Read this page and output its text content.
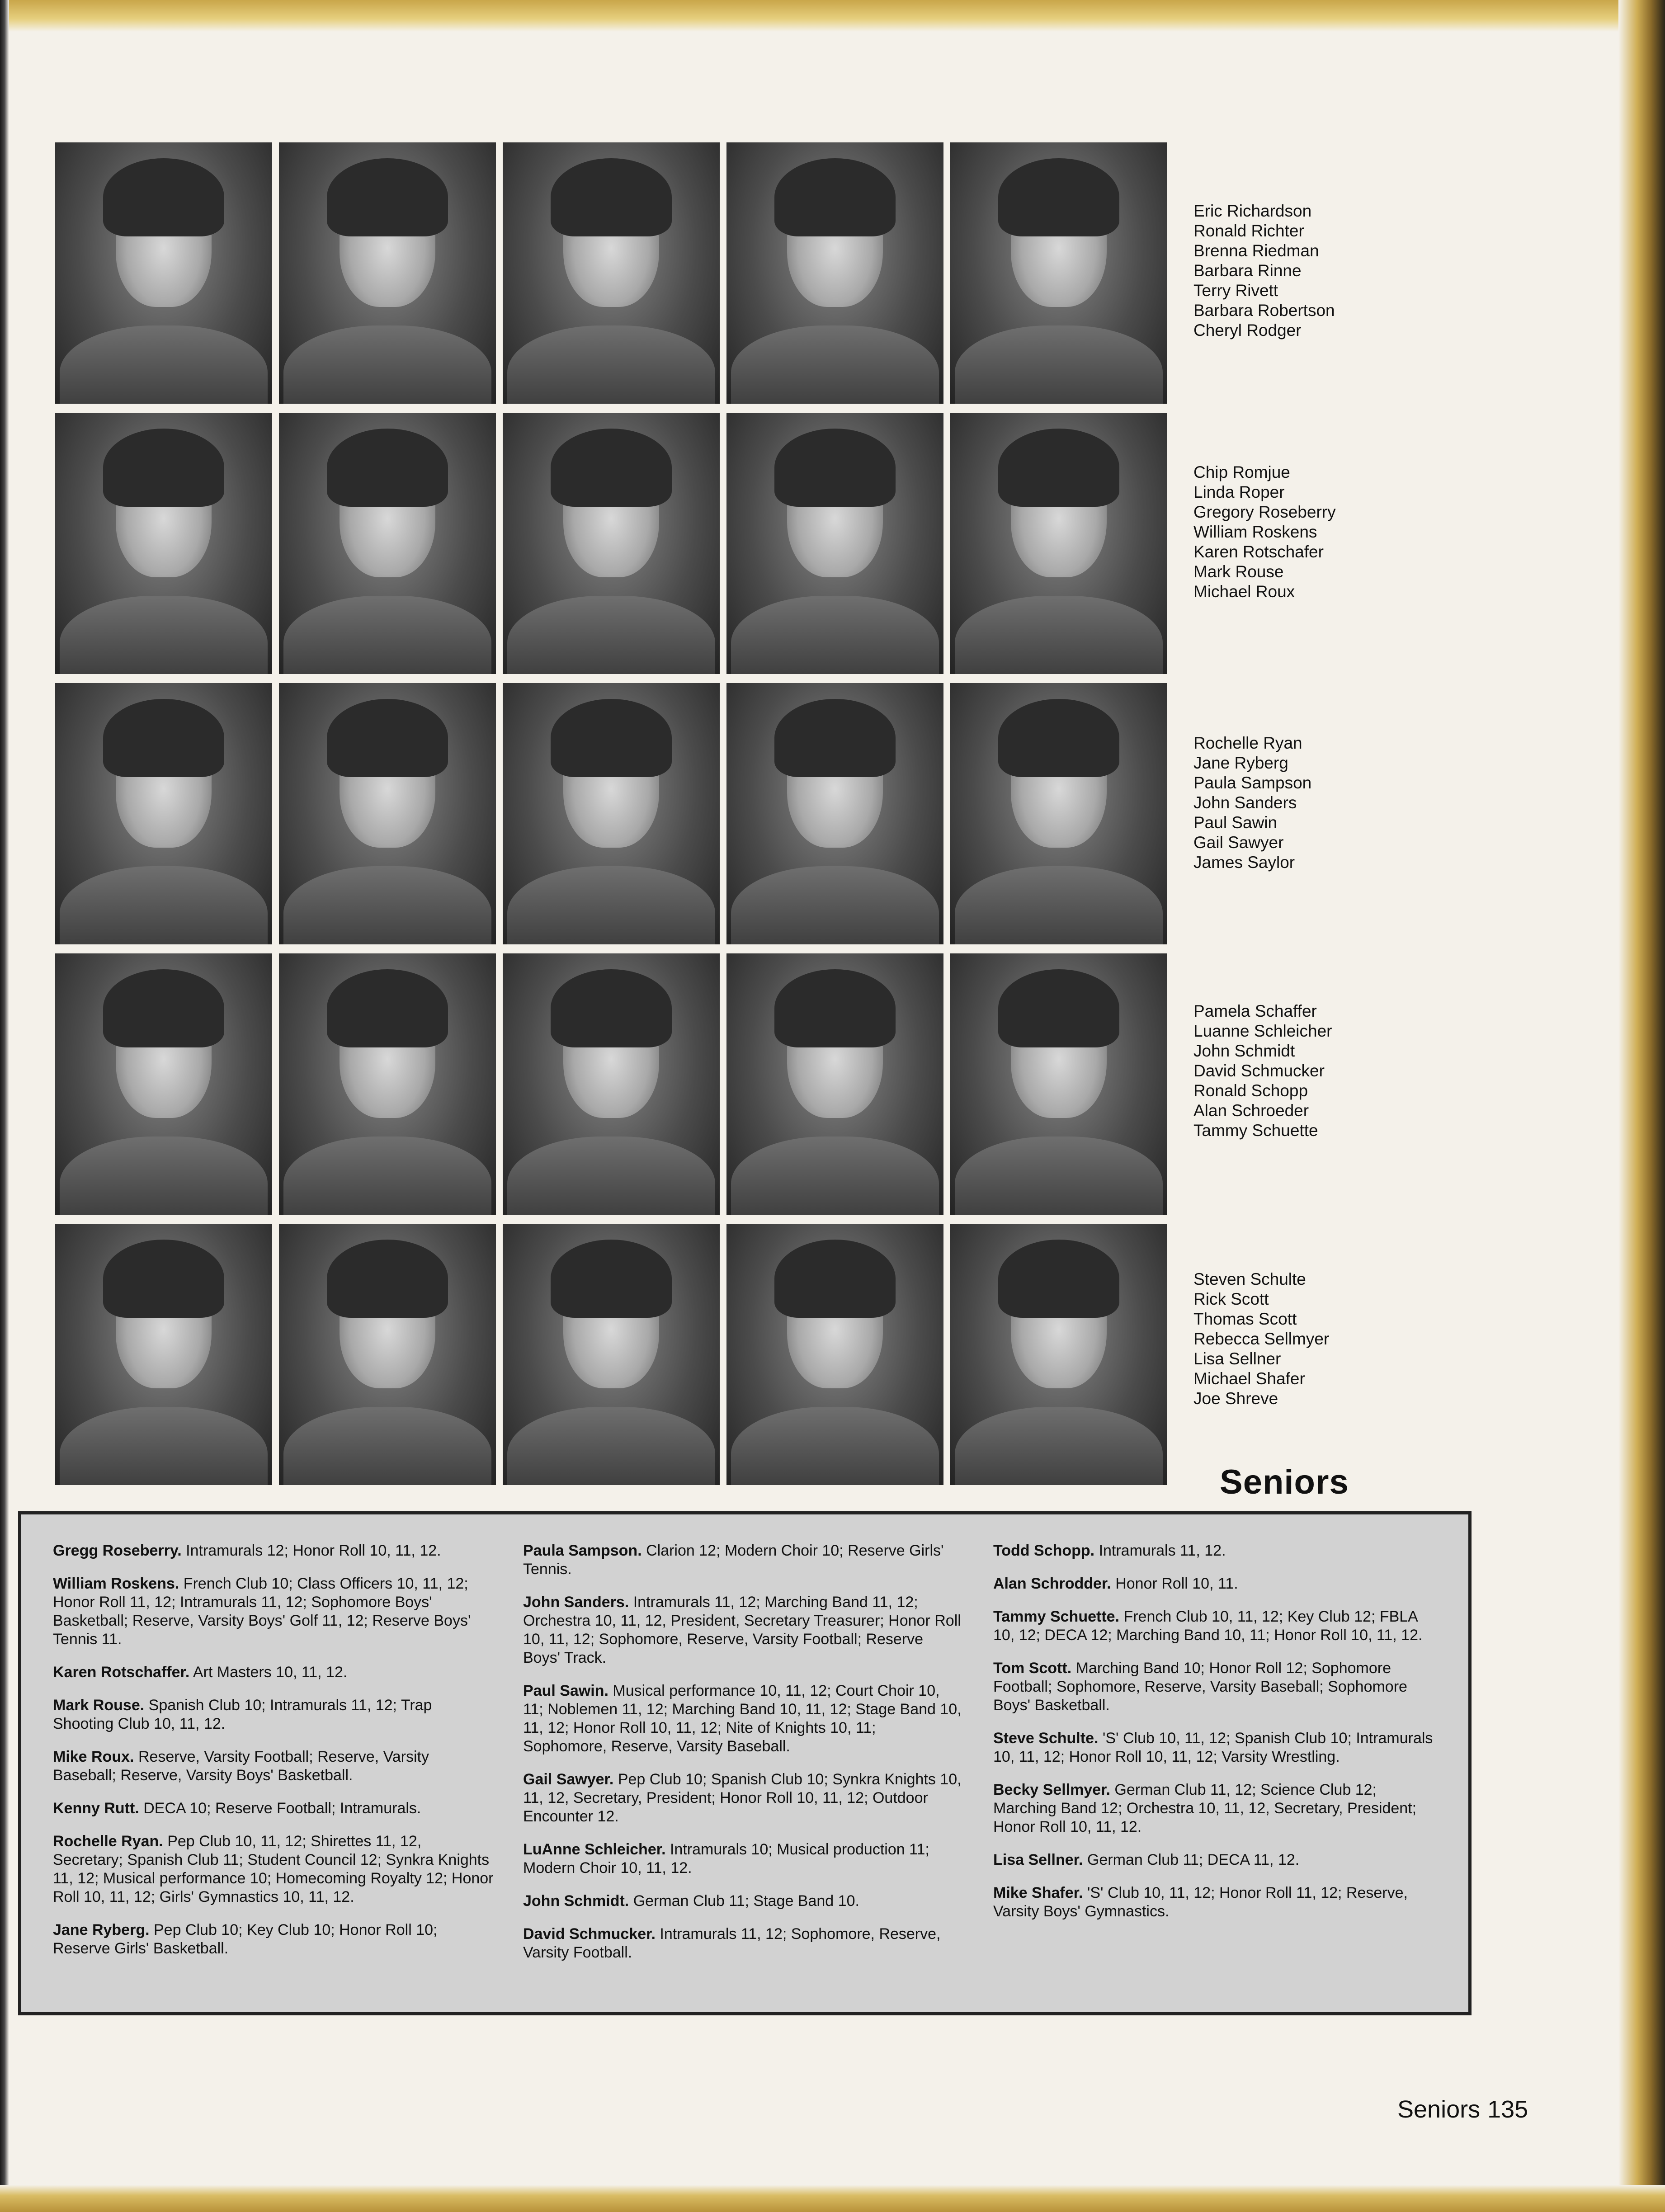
Eric Richardson
Ronald Richter
Brenna Riedman
Barbara Rinne
Terry Rivett
Barbara Robertson
Cheryl Rodger
Chip Romjue
Linda Roper
Gregory Roseberry
William Roskens
Karen Rotschafer
Mark Rouse
Michael Roux
Rochelle Ryan
Jane Ryberg
Paula Sampson
John Sanders
Paul Sawin
Gail Sawyer
James Saylor
Pamela Schaffer
Luanne Schleicher
John Schmidt
David Schmucker
Ronald Schopp
Alan Schroeder
Tammy Schuette
Steven Schulte
Rick Scott
Thomas Scott
Rebecca Sellmyer
Lisa Sellner
Michael Shafer
Joe Shreve
Seniors

Gregg Roseberry. Intramurals 12; Honor Roll 10, 11, 12.

William Roskens. French Club 10; Class Officers 10, 11, 12; Honor Roll 11, 12; Intramurals 11, 12; Sophomore Boys' Basketball; Reserve, Varsity Boys' Golf 11, 12; Reserve Boys' Tennis 11.

Karen Rotschaffer. Art Masters 10, 11, 12.

Mark Rouse. Spanish Club 10; Intramurals 11, 12; Trap Shooting Club 10, 11, 12.

Mike Roux. Reserve, Varsity Football; Reserve, Varsity Baseball; Reserve, Varsity Boys' Basketball.

Kenny Rutt. DECA 10; Reserve Football; Intramurals.

Rochelle Ryan. Pep Club 10, 11, 12; Shirettes 11, 12, Secretary; Spanish Club 11; Student Council 12; Synkra Knights 11, 12; Musical performance 10; Homecoming Royalty 12; Honor Roll 10, 11, 12; Girls' Gymnastics 10, 11, 12.

Jane Ryberg. Pep Club 10; Key Club 10; Honor Roll 10; Reserve Girls' Basketball.

Paula Sampson. Clarion 12; Modern Choir 10; Reserve Girls' Tennis.

John Sanders. Intramurals 11, 12; Marching Band 11, 12; Orchestra 10, 11, 12, President, Secretary Treasurer; Honor Roll 10, 11, 12; Sophomore, Reserve, Varsity Football; Reserve Boys' Track.

Paul Sawin. Musical performance 10, 11, 12; Court Choir 10, 11; Noblemen 11, 12; Marching Band 10, 11, 12; Stage Band 10, 11, 12; Honor Roll 10, 11, 12; Nite of Knights 10, 11; Sophomore, Reserve, Varsity Baseball.

Gail Sawyer. Pep Club 10; Spanish Club 10; Synkra Knights 10, 11, 12, Secretary, President; Honor Roll 10, 11, 12; Outdoor Encounter 12.

LuAnne Schleicher. Intramurals 10; Musical production 11; Modern Choir 10, 11, 12.

John Schmidt. German Club 11; Stage Band 10.

David Schmucker. Intramurals 11, 12; Sophomore, Reserve, Varsity Football.

Todd Schopp. Intramurals 11, 12.

Alan Schrodder. Honor Roll 10, 11.

Tammy Schuette. French Club 10, 11, 12; Key Club 12; FBLA 10, 12; DECA 12; Marching Band 10, 11; Honor Roll 10, 11, 12.

Tom Scott. Marching Band 10; Honor Roll 12; Sophomore Football; Sophomore, Reserve, Varsity Baseball; Sophomore Boys' Basketball.

Steve Schulte. 'S' Club 10, 11, 12; Spanish Club 10; Intramurals 10, 11, 12; Honor Roll 10, 11, 12; Varsity Wrestling.

Becky Sellmyer. German Club 11, 12; Science Club 12; Marching Band 12; Orchestra 10, 11, 12, Secretary, President; Honor Roll 10, 11, 12.

Lisa Sellner. German Club 11; DECA 11, 12.

Mike Shafer. 'S' Club 10, 11, 12; Honor Roll 11, 12; Reserve, Varsity Boys' Gymnastics.

Seniors 135
